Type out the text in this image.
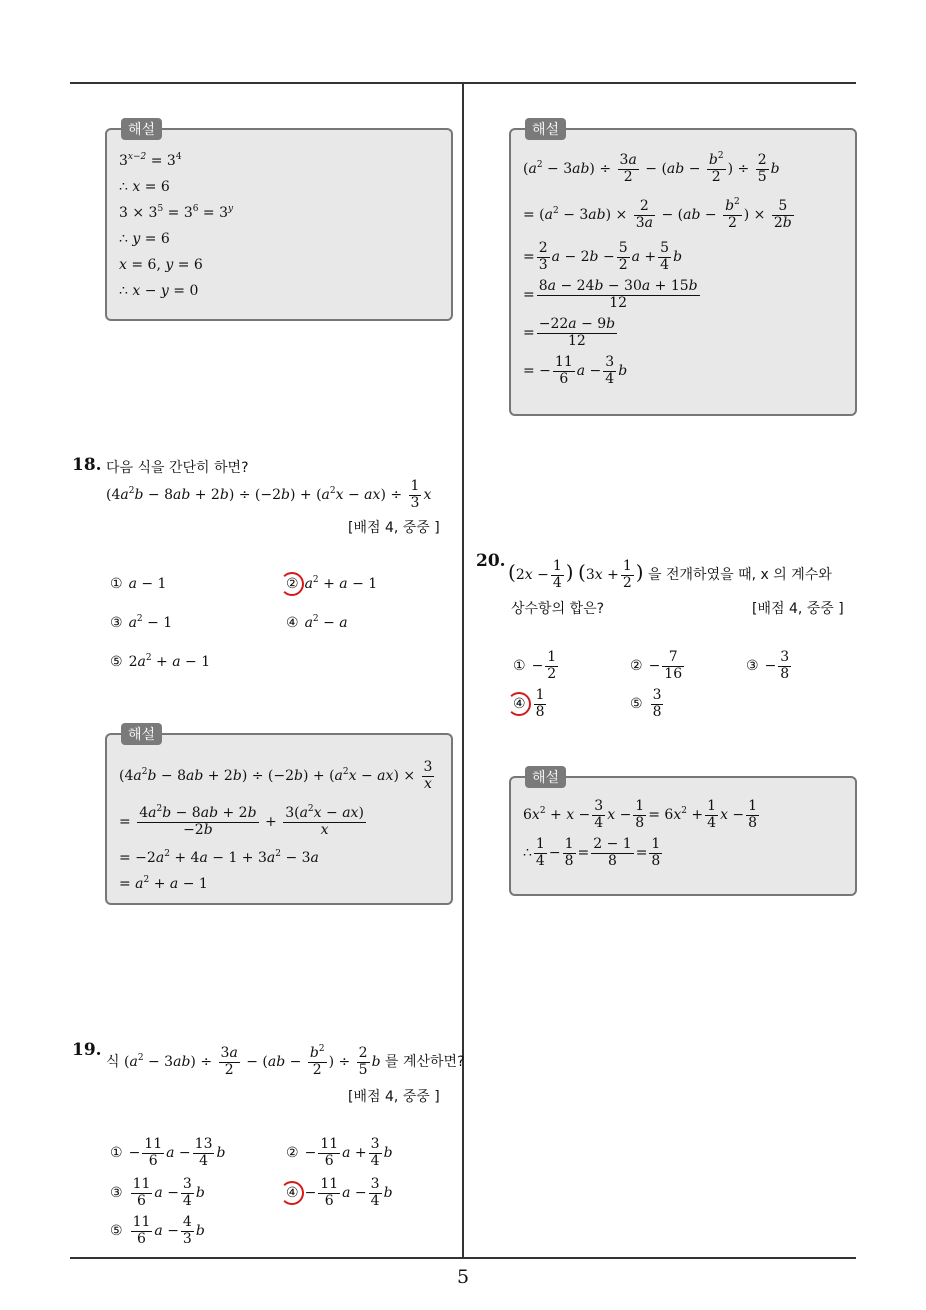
해설
$3^{x-2} = 3^4$
∴ x = 6
$3 \times 3^5 = 3^6 = 3^y$
∴ y = 6
x = 6, y = 6
∴ x − y = 0
18. 다음 식을 간단히 하면?
$(4a^2b - 8ab + 2b) \div (-2b) + (a^2x - ax) \div \frac{1}{3}$ x
[배점 4, 중중 ]
① a − 1	② $a^2 + a - 1$
③ $a^2 - 1$	④ $a^2 - a$
⑤ $2a^2 + a - 1$
해설
$(4a^2b - 8ab + 2b) \div (-2b) + (a^2x - ax) \times \frac{3}{x}$
= $\frac{4a^2b - 8ab + 2b}{-2b} + \frac{3(a^2x - ax)}{x}$
= $-2a^2 + 4a - 1 + 3a^2 - 3a$
= $a^2 + a - 1$
19.
식 $(a^2 - 3ab) \div \frac{3a}{2} - (ab - \frac{b^2}{2}$ ) ÷ $\frac{2}{5}$ b 를 계산하면?
[배점 4, 중중 ]
① − $\frac{11}{6}$ $a - \frac{13}{4}$ b	② − $\frac{11}{6}$ $a + \frac{3}{4}$ b
③ $\frac{11}{6}$ $a - \frac{3}{4}$ b	④ − $\frac{11}{6}$ $a - \frac{3}{4}$ b
⑤ $\frac{11}{6}$ $a - \frac{4}{3}$ b
해설
$(a^2 - 3ab) \div \frac{3a}{2} - (ab - \frac{b^2}{2}$ ) ÷ $\frac{2}{5}$ b
= $(a^2 - 3ab) \times \frac{2}{3a} - (ab - \frac{b^2}{2}$ ) × $\frac{5}{2b}$
= $\frac{2}{3}$ $a - 2b - \frac{5}{2}$ $a + \frac{5}{4}$ b
= $\frac{8a - 24b - 30a + 15b}{12}$
= $\frac{-22a - 9b}{12}$
= − $\frac{11}{6}$ $a - \frac{3}{4}$ b
20. ($2x - \frac{1}{4}$ ) ($3x + \frac{1}{2}$ ) 을 전개하였을 때, x 의 계수와
상수항의 합은?	[배점 4, 중중 ]
① − $\frac{1}{2}$	② − $\frac{7}{16}$	③ − $\frac{3}{8}$
④ $\frac{1}{8}$	⑤ $\frac{3}{8}$
해설
$6x^2 + x - \frac{3}{4}$ $x - \frac{1}{8} = 6x^2 + \frac{1}{4}$ $x - \frac{1}{8}$
∴ $\frac{1}{4} - \frac{1}{8} = \frac{2 - 1}{8} = \frac{1}{8}$
5
